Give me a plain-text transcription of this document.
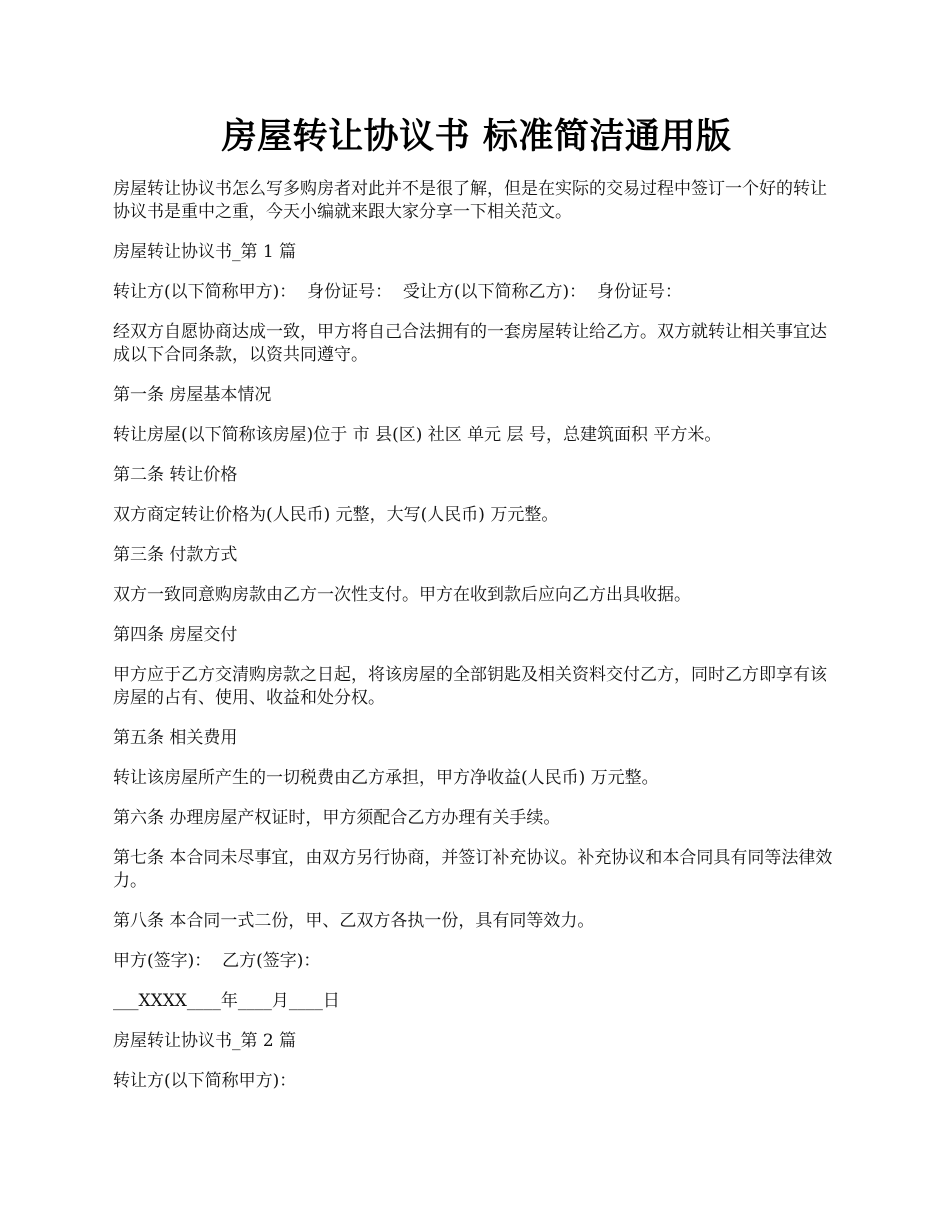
房屋转让协议书 标准简洁通用版

房屋转让协议书怎么写多购房者对此并不是很了解，但是在实际的交易过程中签订一个好的转让协议书是重中之重，今天小编就来跟大家分享一下相关范文。

房屋转让协议书_第 1 篇

转让方(以下简称甲方)：  身份证号：  受让方(以下简称乙方)：  身份证号：

经双方自愿协商达成一致，甲方将自己合法拥有的一套房屋转让给乙方。双方就转让相关事宜达成以下合同条款，以资共同遵守。

第一条 房屋基本情况

转让房屋(以下简称该房屋)位于 市 县(区) 社区 单元 层 号，总建筑面积 平方米。

第二条 转让价格

双方商定转让价格为(人民币) 元整，大写(人民币) 万元整。

第三条 付款方式

双方一致同意购房款由乙方一次性支付。甲方在收到款后应向乙方出具收据。

第四条 房屋交付

甲方应于乙方交清购房款之日起，将该房屋的全部钥匙及相关资料交付乙方，同时乙方即享有该房屋的占有、使用、收益和处分权。

第五条 相关费用

转让该房屋所产生的一切税费由乙方承担，甲方净收益(人民币) 万元整。

第六条 办理房屋产权证时，甲方须配合乙方办理有关手续。

第七条 本合同未尽事宜，由双方另行协商，并签订补充协议。补充协议和本合同具有同等法律效力。

第八条 本合同一式二份，甲、乙双方各执一份，具有同等效力。

甲方(签字)：  乙方(签字)：

___XXXX____年____月____日

房屋转让协议书_第 2 篇

转让方(以下简称甲方)：
